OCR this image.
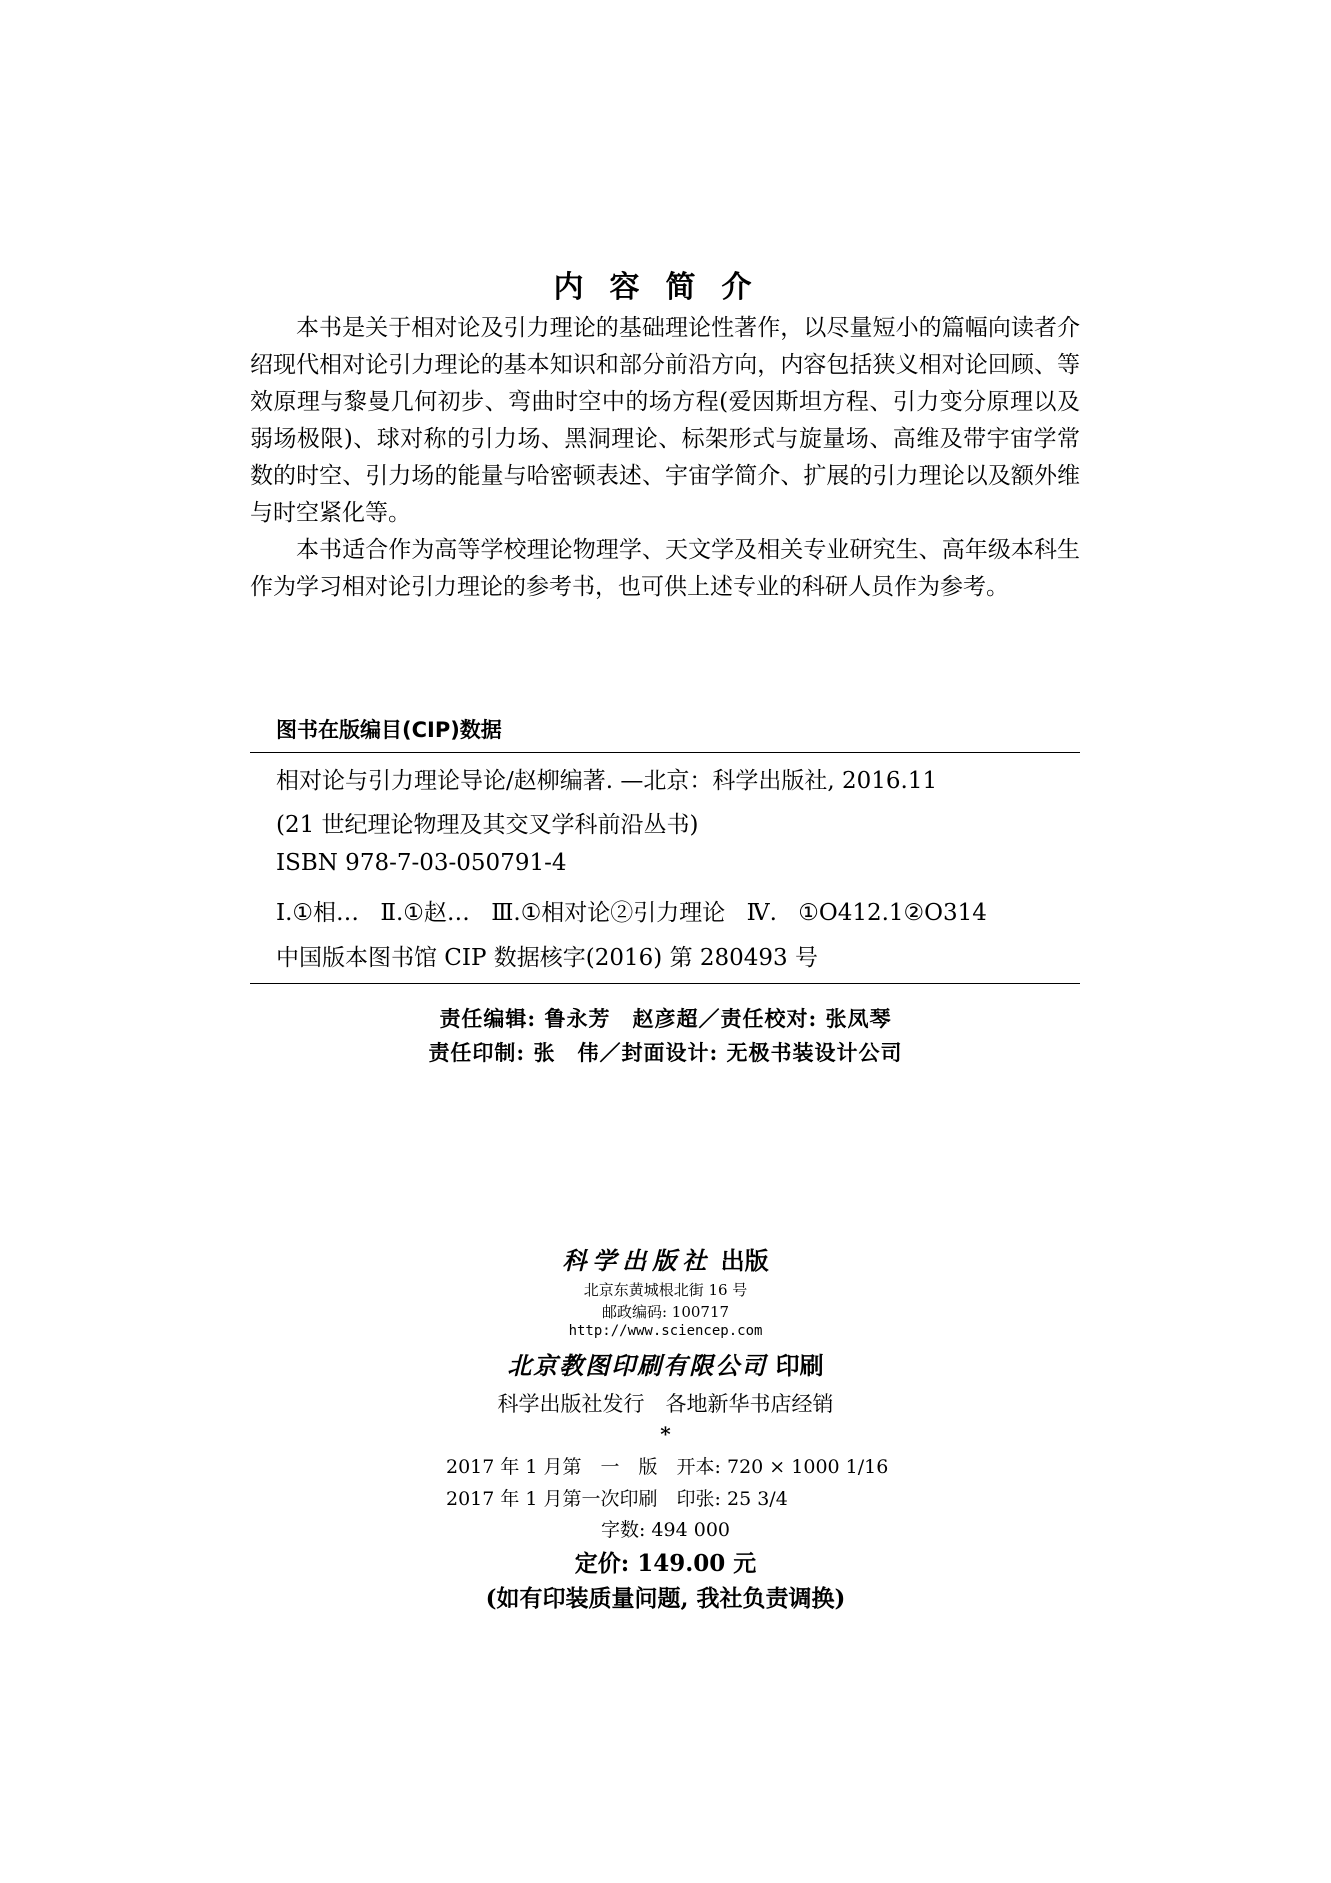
内容简介

本书是关于相对论及引力理论的基础理论性著作，以尽量短小的篇幅向读者介绍现代相对论引力理论的基本知识和部分前沿方向，内容包括狭义相对论回顾、等效原理与黎曼几何初步、弯曲时空中的场方程(爱因斯坦方程、引力变分原理以及弱场极限)、球对称的引力场、黑洞理论、标架形式与旋量场、高维及带宇宙学常数的时空、引力场的能量与哈密顿表述、宇宙学简介、扩展的引力理论以及额外维与时空紧化等。

本书适合作为高等学校理论物理学、天文学及相关专业研究生、高年级本科生作为学习相对论引力理论的参考书，也可供上述专业的科研人员作为参考。

图书在版编目(CIP)数据
相对论与引力理论导论/赵柳编著. —北京：科学出版社, 2016.11
(21 世纪理论物理及其交叉学科前沿丛书)
ISBN 978-7-03-050791-4
Ⅰ.①相… Ⅱ.①赵… Ⅲ.①相对论②引力理论 Ⅳ. ①O412.1②O314
中国版本图书馆 CIP 数据核字(2016) 第 280493 号
责任编辑: 鲁永芳　赵彦超／责任校对: 张凤琴
责任印制: 张　伟／封面设计: 无极书装设计公司
科学出版社 出版
北京东黄城根北街 16 号
邮政编码: 100717
http://www.sciencep.com
北京教图印刷有限公司 印刷
科学出版社发行　各地新华书店经销
*
2017 年 1 月第　一　版　开本: 720 × 1000 1/16
2017 年 1 月第一次印刷　印张: 25 3/4
字数: 494 000
定价: 149.00 元
(如有印装质量问题, 我社负责调换)
